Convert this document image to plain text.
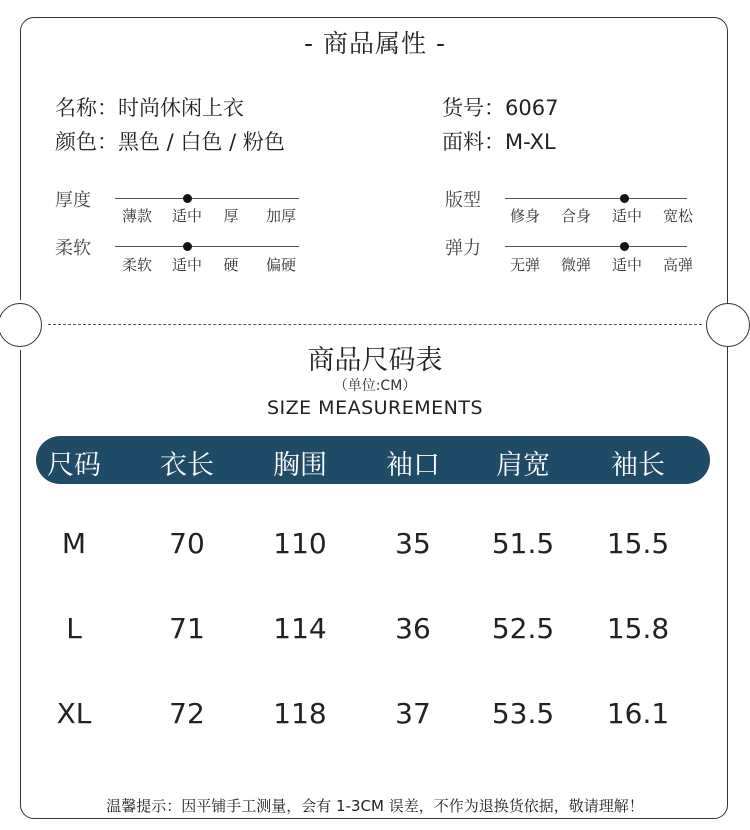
- 商品属性 -
名称：时尚休闲上衣	货号：6067
颜色：黑色 / 白色 / 粉色	面料：M-XL
厚度
薄款 适中 厚 加厚
柔软
柔软 适中 硬 偏硬
版型
修身 合身 适中 宽松
弹力
无弹 微弹 适中 高弹
商品尺码表
（单位:CM）
SIZE MEASUREMENTS
尺码	衣长	胸围	袖口	肩宽	袖长
M	70	110	35	51.5	15.5
L	71	114	36	52.5	15.8
XL	72	118	37	53.5	16.1
温馨提示：因平铺手工测量，会有 1-3CM 误差，不作为退换货依据，敬请理解！
